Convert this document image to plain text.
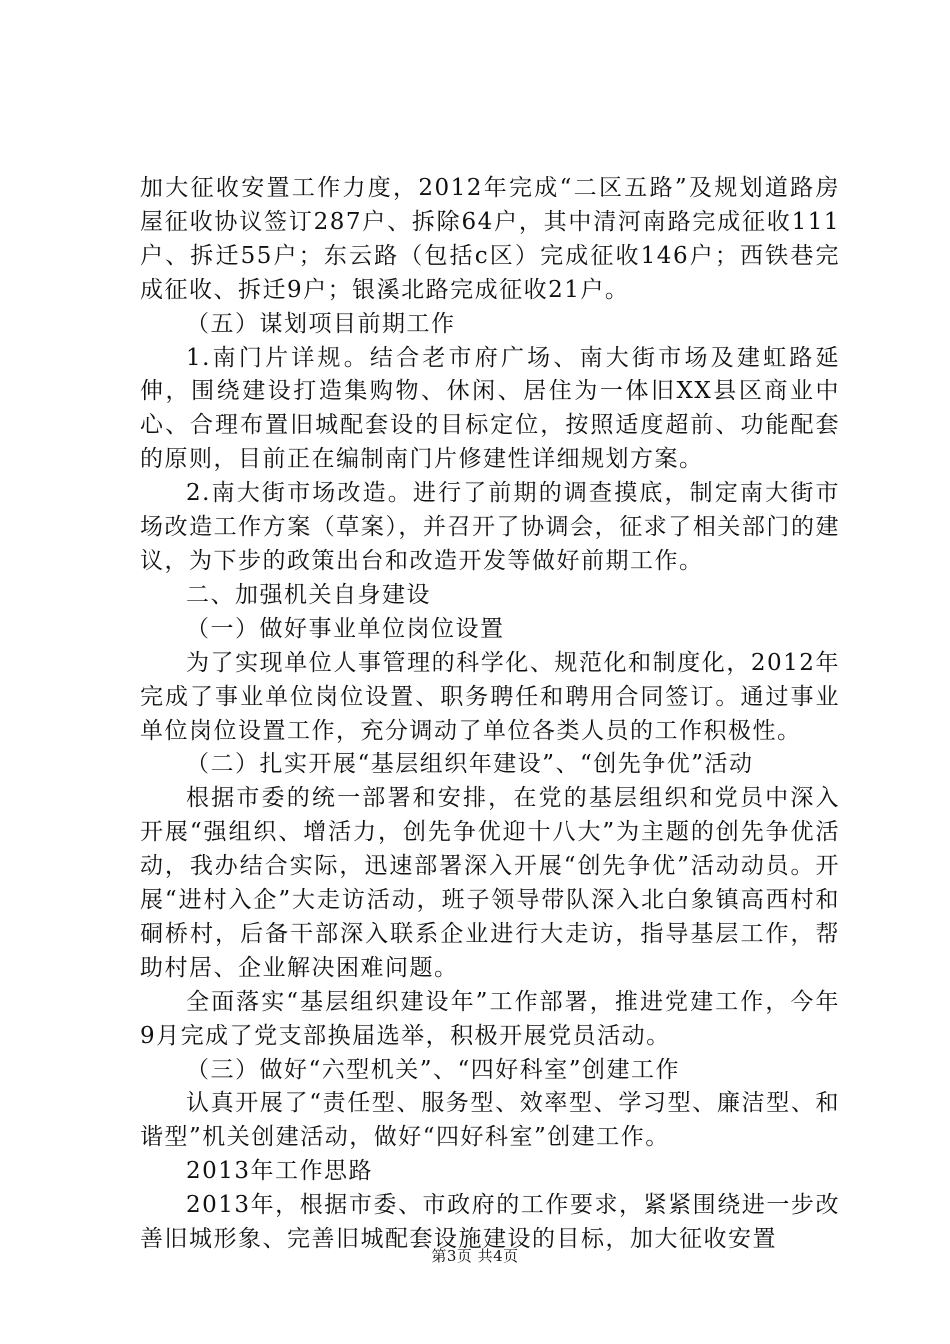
加大征收安置工作力度，2012年完成“二区五路”及规划道路房屋征收协议签订287户、拆除64户，其中清河南路完成征收111户、拆迁55户；东云路（包括c区）完成征收146户；西铁巷完成征收、拆迁9户；银溪北路完成征收21户。

（五）谋划项目前期工作

1.南门片详规。结合老市府广场、南大街市场及建虹路延伸，围绕建设打造集购物、休闲、居住为一体旧XX县区商业中心、合理布置旧城配套设的目标定位，按照适度超前、功能配套的原则，目前正在编制南门片修建性详细规划方案。

2.南大街市场改造。进行了前期的调查摸底，制定南大街市场改造工作方案（草案），并召开了协调会，征求了相关部门的建议，为下步的政策出台和改造开发等做好前期工作。

二、加强机关自身建设

（一）做好事业单位岗位设置

为了实现单位人事管理的科学化、规范化和制度化，2012年完成了事业单位岗位设置、职务聘任和聘用合同签订。通过事业单位岗位设置工作，充分调动了单位各类人员的工作积极性。

（二）扎实开展“基层组织年建设”、“创先争优”活动

根据市委的统一部署和安排，在党的基层组织和党员中深入开展“强组织、增活力，创先争优迎十八大”为主题的创先争优活动，我办结合实际，迅速部署深入开展“创先争优”活动动员。开展“进村入企”大走访活动，班子领导带队深入北白象镇高西村和硐桥村，后备干部深入联系企业进行大走访，指导基层工作，帮助村居、企业解决困难问题。

全面落实“基层组织建设年”工作部署，推进党建工作，今年9月完成了党支部换届选举，积极开展党员活动。

（三）做好“六型机关”、“四好科室”创建工作

认真开展了“责任型、服务型、效率型、学习型、廉洁型、和谐型”机关创建活动，做好“四好科室”创建工作。

2013年工作思路

2013年，根据市委、市政府的工作要求，紧紧围绕进一步改善旧城形象、完善旧城配套设施建设的目标，加大征收安置

第3页 共4页
